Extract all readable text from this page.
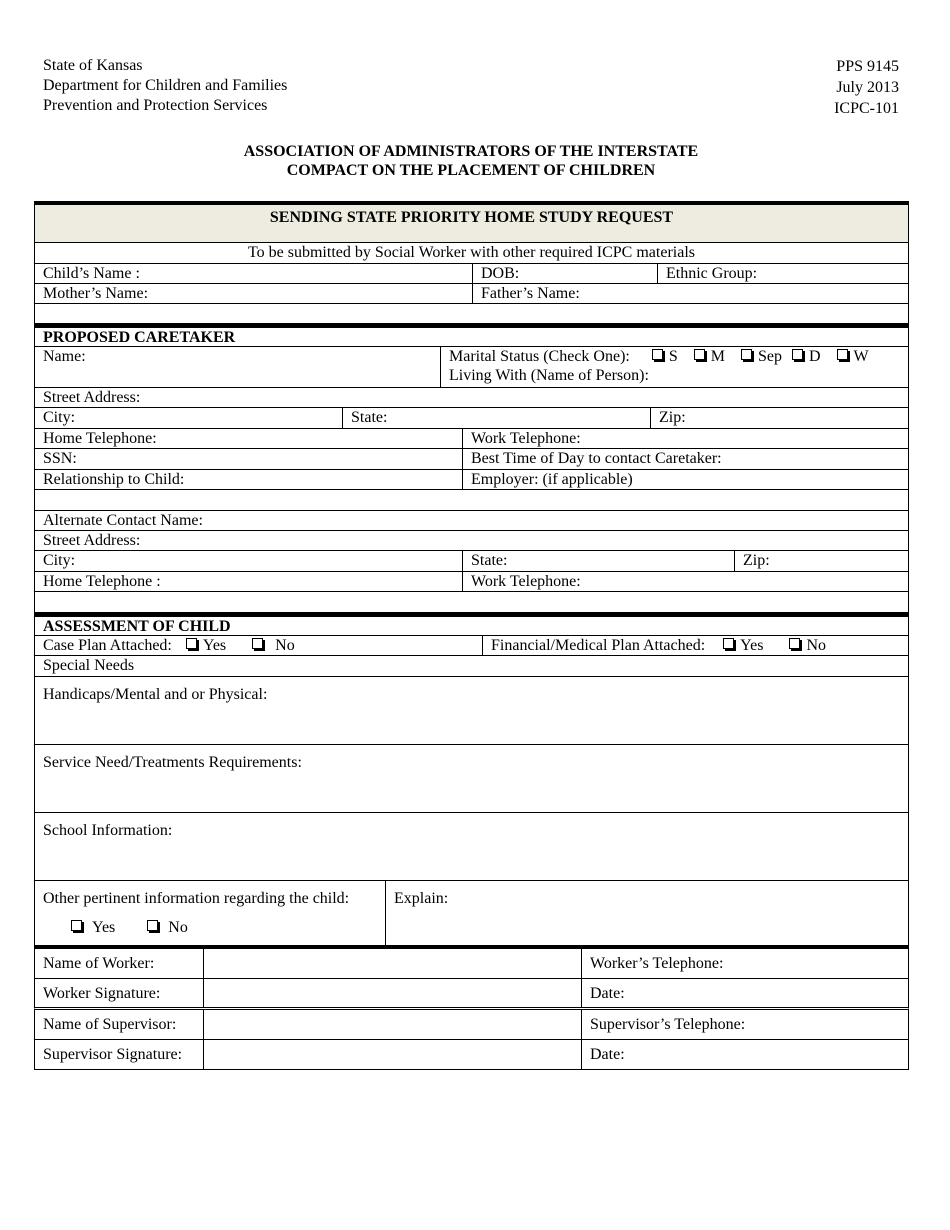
State of Kansas
Department for Children and Families
Prevention and Protection Services
PPS 9145
July 2013
ICPC-101
ASSOCIATION OF ADMINISTRATORS OF THE INTERSTATE
COMPACT ON THE PLACEMENT OF CHILDREN
SENDING STATE PRIORITY HOME STUDY REQUEST
To be submitted by Social Worker with other required ICPC materials
Child’s Name :	DOB:	Ethnic Group:
Mother’s Name:	Father’s Name:
PROPOSED CARETAKER
Name:	Marital Status (Check One): S M Sep D W
Living With (Name of Person):
Street Address:
City:	State:	Zip:
Home Telephone:	Work Telephone:
SSN:	Best Time of Day to contact Caretaker:
Relationship to Child:	Employer: (if applicable)
Alternate Contact Name:
Street Address:
City:	State:	Zip:
Home Telephone :	Work Telephone:
ASSESSMENT OF CHILD
Case Plan Attached: Yes	No	Financial/Medical Plan Attached: Yes	No
Special Needs
Handicaps/Mental and or Physical:
Service Need/Treatments Requirements:
School Information:
Other pertinent information regarding the child:
Yes	No
Explain:
Name of Worker:	Worker’s Telephone:
Worker Signature:	Date:
Name of Supervisor:	Supervisor’s Telephone:
Supervisor Signature:	Date:
